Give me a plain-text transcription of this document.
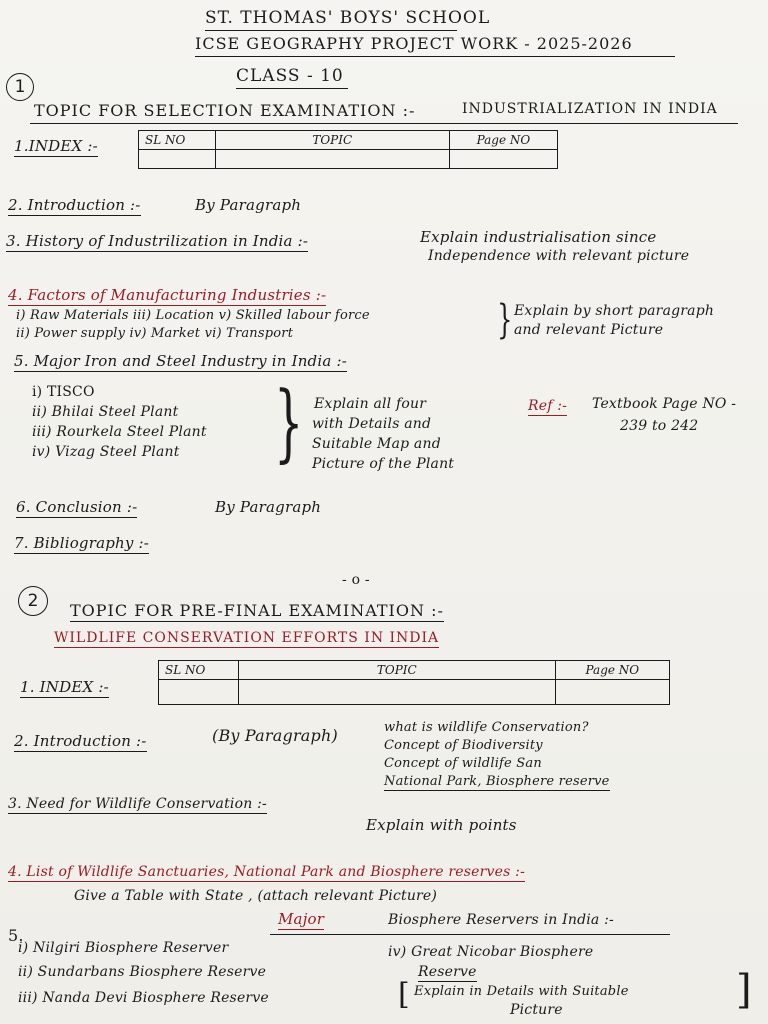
ST. THOMAS' BOYS' SCHOOL
ICSE GEOGRAPHY PROJECT WORK - 2025-2026
CLASS - 10
1
TOPIC FOR SELECTION EXAMINATION :-	INDUSTRIALIZATION IN INDIA
1.INDEX :-	SL NO	TOPIC	Page NO

2. Introduction :-	By Paragraph
3. History of Industrilization in India :-	Explain industrialisation since
Independence with relevant picture
4. Factors of Manufacturing Industries :-
i) Raw Materials iii) Location v) Skilled labour force
ii) Power supply iv) Market vi) Transport	} Explain by short paragraph
and relevant Picture
5. Major Iron and Steel Industry in India :-
i) TISCO
ii) Bhilai Steel Plant
iii) Rourkela Steel Plant
iv) Vizag Steel Plant } Explain all four
with Details and
Suitable Map and
Picture of the Plant
Ref :- Textbook Page NO -
239 to 242
6. Conclusion :-	By Paragraph
7. Bibliography :-
- o -
2	TOPIC FOR PRE-FINAL EXAMINATION :-
WILDLIFE CONSERVATION EFFORTS IN INDIA
1. INDEX :-
SL NO	TOPIC	Page NO

2. Introduction :-	(By Paragraph)	what is wildlife Conservation?
Concept of Biodiversity
Concept of wildlife San
National Park, Biosphere reserve
3. Need for Wildlife Conservation :-
Explain with points
4. List of Wildlife Sanctuaries, National Park and Biosphere reserves :-
Give a Table with State , (attach relevant Picture)
Major	Biosphere Reservers in India :-
5.
i) Nilgiri Biosphere Reserver
ii) Sundarbans Biosphere Reserve
iii) Nanda Devi Biosphere Reserve
iv) Great Nicobar Biosphere
Reserve
[ Explain in Details with Suitable
Picture	]
